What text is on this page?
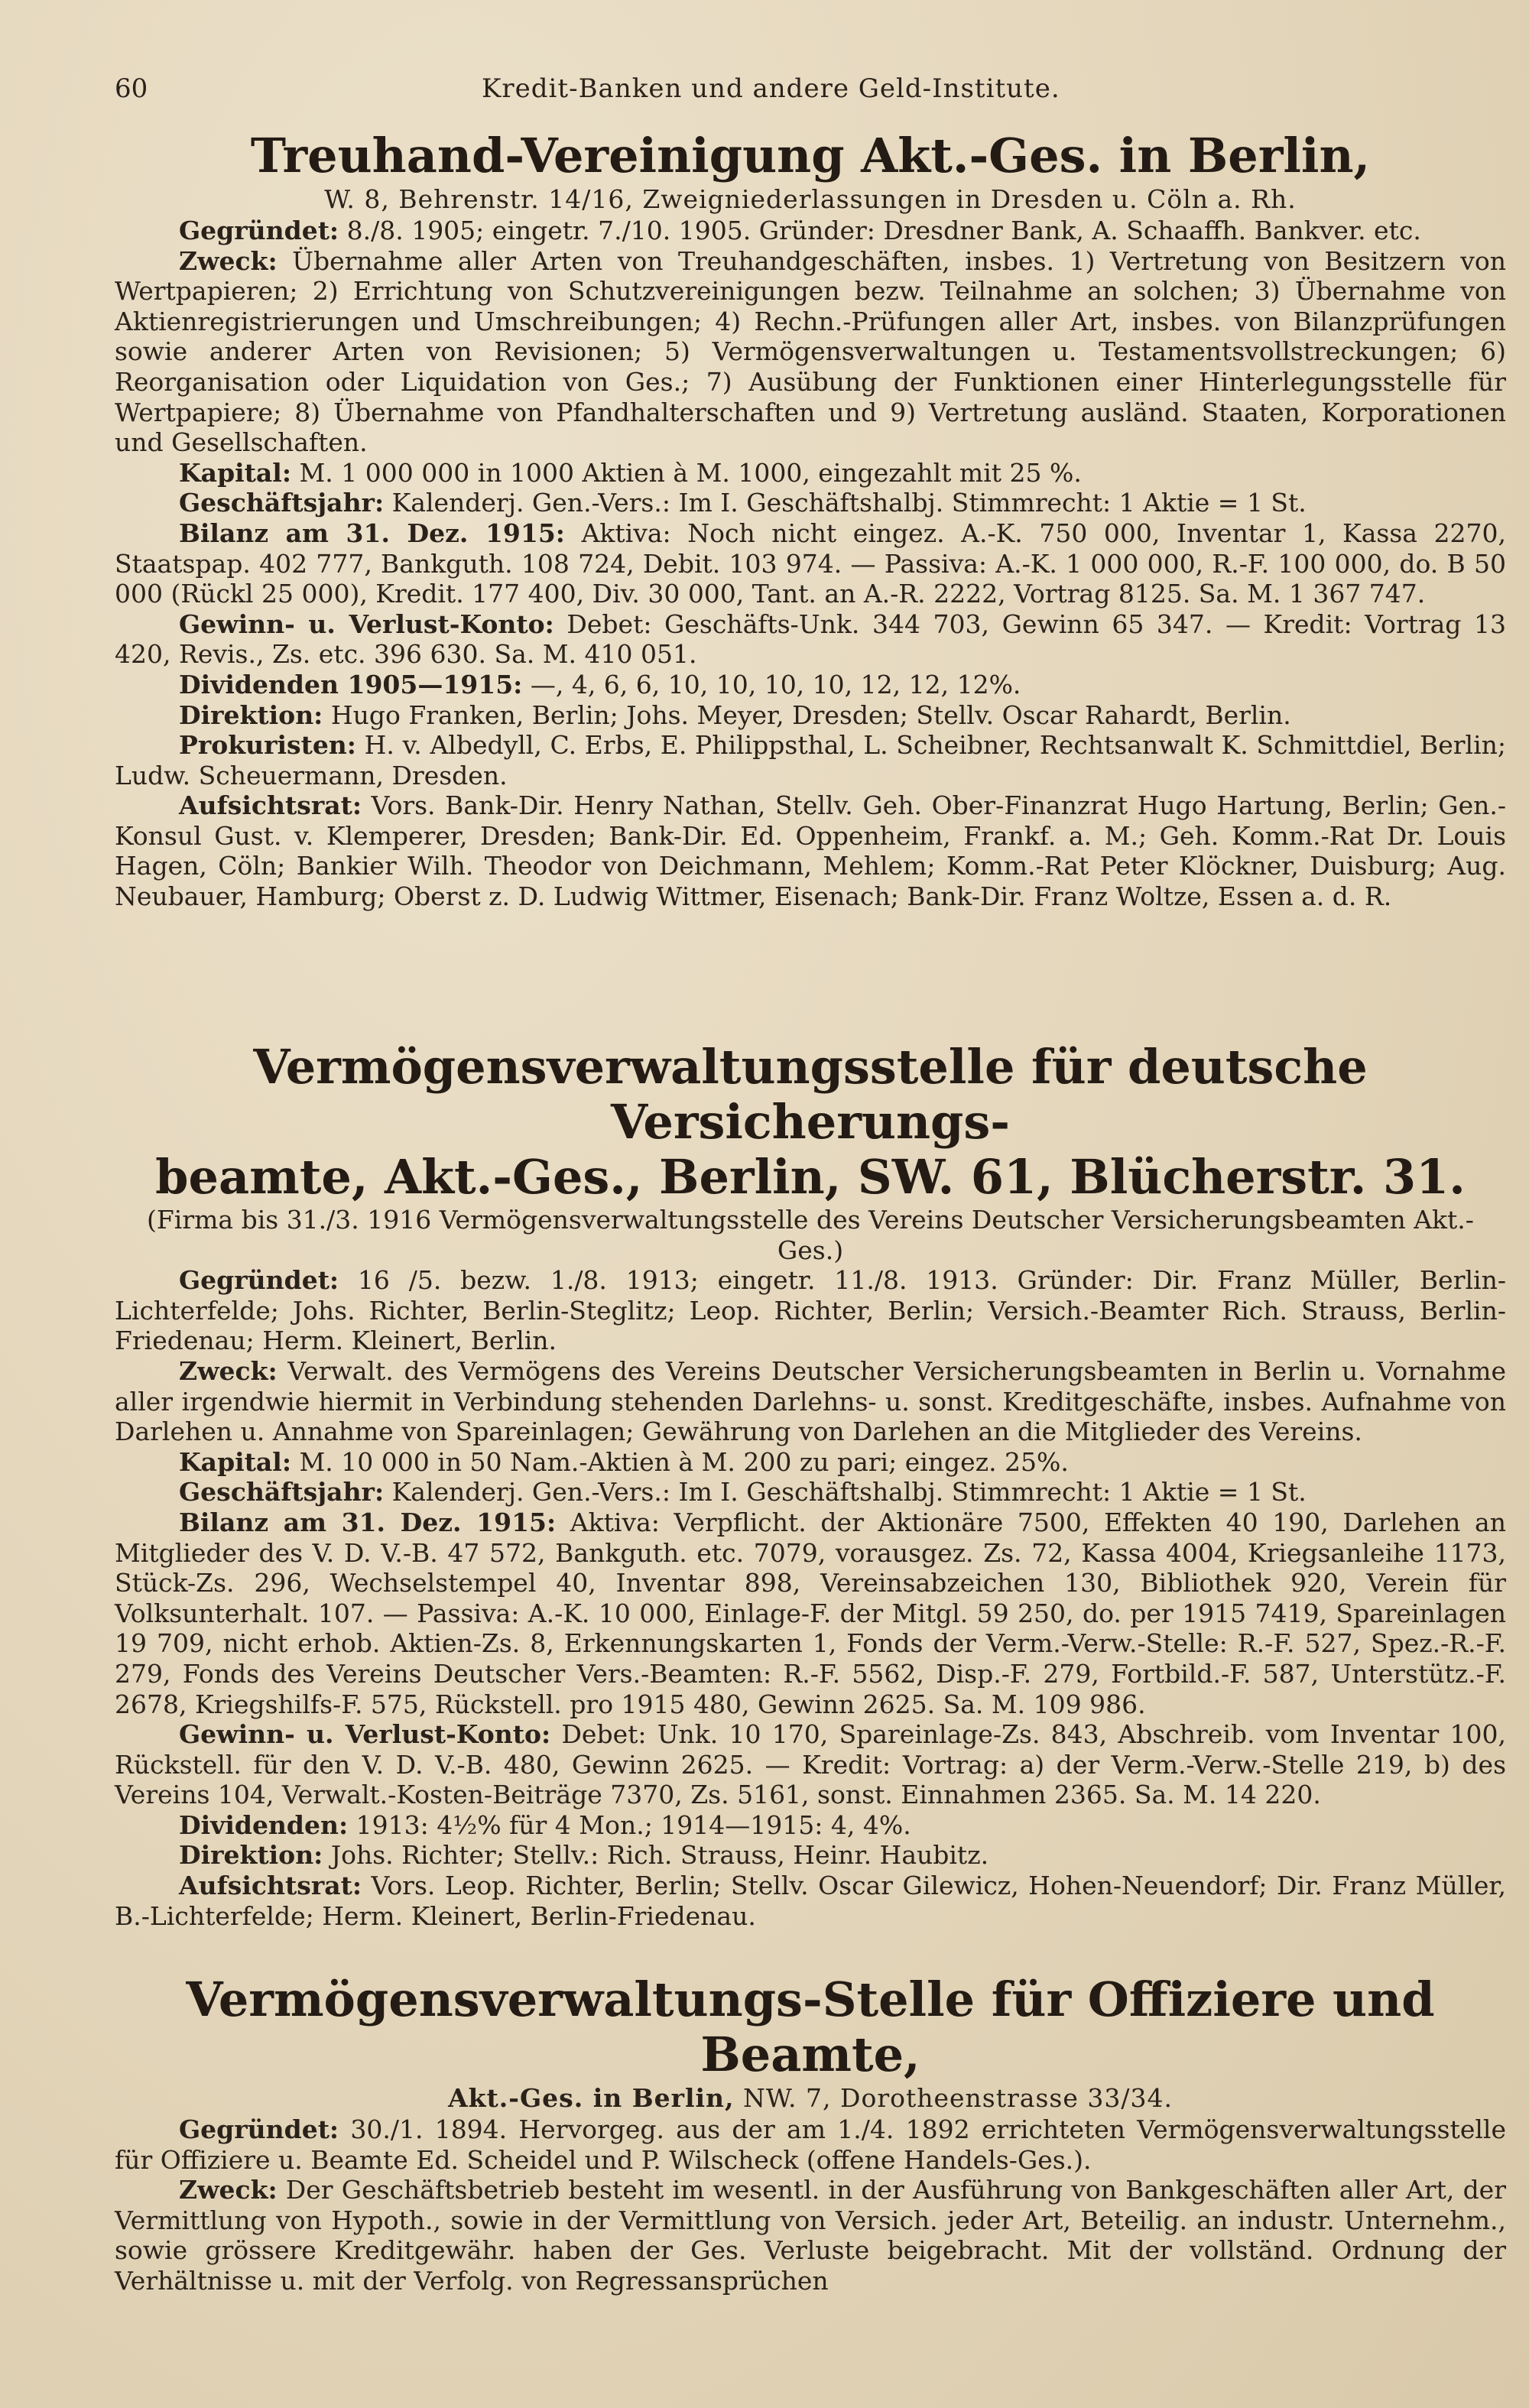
60	Kredit-Banken und andere Geld-Institute.
Treuhand-Vereinigung Akt.-Ges. in Berlin,
W. 8, Behrenstr. 14/16, Zweigniederlassungen in Dresden u. Cöln a. Rh.

Gegründet: 8./8. 1905; eingetr. 7./10. 1905. Gründer: Dresdner Bank, A. Schaaffh. Bankver. etc.

Zweck: Übernahme aller Arten von Treuhandgeschäften, insbes. 1) Vertretung von Besitzern von Wertpapieren; 2) Errichtung von Schutzvereinigungen bezw. Teilnahme an solchen; 3) Übernahme von Aktienregistrierungen und Umschreibungen; 4) Rechn.-Prüfungen aller Art, insbes. von Bilanzprüfungen sowie anderer Arten von Revisionen; 5) Vermögensverwaltungen u. Testamentsvollstreckungen; 6) Reorganisation oder Liquidation von Ges.; 7) Ausübung der Funktionen einer Hinterlegungsstelle für Wertpapiere; 8) Übernahme von Pfandhalterschaften und 9) Vertretung ausländ. Staaten, Korporationen und Gesellschaften.

Kapital: M. 1 000 000 in 1000 Aktien à M. 1000, eingezahlt mit 25 %.

Geschäftsjahr: Kalenderj. Gen.-Vers.: Im I. Geschäftshalbj. Stimmrecht: 1 Aktie = 1 St.

Bilanz am 31. Dez. 1915: Aktiva: Noch nicht eingez. A.-K. 750 000, Inventar 1, Kassa 2270, Staatspap. 402 777, Bankguth. 108 724, Debit. 103 974. — Passiva: A.-K. 1 000 000, R.-F. 100 000, do. B 50 000 (Rückl 25 000), Kredit. 177 400, Div. 30 000, Tant. an A.-R. 2222, Vortrag 8125. Sa. M. 1 367 747.

Gewinn- u. Verlust-Konto: Debet: Geschäfts-Unk. 344 703, Gewinn 65 347. — Kredit: Vortrag 13 420, Revis., Zs. etc. 396 630. Sa. M. 410 051.

Dividenden 1905—1915: —, 4, 6, 6, 10, 10, 10, 10, 12, 12, 12%.

Direktion: Hugo Franken, Berlin; Johs. Meyer, Dresden; Stellv. Oscar Rahardt, Berlin.

Prokuristen: H. v. Albedyll, C. Erbs, E. Philippsthal, L. Scheibner, Rechtsanwalt K. Schmittdiel, Berlin; Ludw. Scheuermann, Dresden.

Aufsichtsrat: Vors. Bank-Dir. Henry Nathan, Stellv. Geh. Ober-Finanzrat Hugo Hartung, Berlin; Gen.-Konsul Gust. v. Klemperer, Dresden; Bank-Dir. Ed. Oppenheim, Frankf. a. M.; Geh. Komm.-Rat Dr. Louis Hagen, Cöln; Bankier Wilh. Theodor von Deichmann, Mehlem; Komm.-Rat Peter Klöckner, Duisburg; Aug. Neubauer, Hamburg; Oberst z. D. Ludwig Wittmer, Eisenach; Bank-Dir. Franz Woltze, Essen a. d. R.

Vermögensverwaltungsstelle für deutsche Versicherungs-
beamte, Akt.-Ges., Berlin, SW. 61, Blücherstr. 31.

(Firma bis 31./3. 1916 Vermögensverwaltungsstelle des Vereins Deutscher Versicherungsbeamten Akt.-Ges.)

Gegründet: 16 /5. bezw. 1./8. 1913; eingetr. 11./8. 1913. Gründer: Dir. Franz Müller, Berlin-Lichterfelde; Johs. Richter, Berlin-Steglitz; Leop. Richter, Berlin; Versich.-Beamter Rich. Strauss, Berlin-Friedenau; Herm. Kleinert, Berlin.

Zweck: Verwalt. des Vermögens des Vereins Deutscher Versicherungsbeamten in Berlin u. Vornahme aller irgendwie hiermit in Verbindung stehenden Darlehns- u. sonst. Kreditgeschäfte, insbes. Aufnahme von Darlehen u. Annahme von Spareinlagen; Gewährung von Darlehen an die Mitglieder des Vereins.

Kapital: M. 10 000 in 50 Nam.-Aktien à M. 200 zu pari; eingez. 25%.

Geschäftsjahr: Kalenderj. Gen.-Vers.: Im I. Geschäftshalbj. Stimmrecht: 1 Aktie = 1 St.

Bilanz am 31. Dez. 1915: Aktiva: Verpflicht. der Aktionäre 7500, Effekten 40 190, Darlehen an Mitglieder des V. D. V.-B. 47 572, Bankguth. etc. 7079, vorausgez. Zs. 72, Kassa 4004, Kriegsanleihe 1173, Stück-Zs. 296, Wechselstempel 40, Inventar 898, Vereinsabzeichen 130, Bibliothek 920, Verein für Volksunterhalt. 107. — Passiva: A.-K. 10 000, Einlage-F. der Mitgl. 59 250, do. per 1915 7419, Spareinlagen 19 709, nicht erhob. Aktien-Zs. 8, Erkennungskarten 1, Fonds der Verm.-Verw.-Stelle: R.-F. 527, Spez.-R.-F. 279, Fonds des Vereins Deutscher Vers.-Beamten: R.-F. 5562, Disp.-F. 279, Fortbild.-F. 587, Unterstütz.-F. 2678, Kriegshilfs-F. 575, Rückstell. pro 1915 480, Gewinn 2625. Sa. M. 109 986.

Gewinn- u. Verlust-Konto: Debet: Unk. 10 170, Spareinlage-Zs. 843, Abschreib. vom Inventar 100, Rückstell. für den V. D. V.-B. 480, Gewinn 2625. — Kredit: Vortrag: a) der Verm.-Verw.-Stelle 219, b) des Vereins 104, Verwalt.-Kosten-Beiträge 7370, Zs. 5161, sonst. Einnahmen 2365. Sa. M. 14 220.

Dividenden: 1913: 4½% für 4 Mon.; 1914—1915: 4, 4%.

Direktion: Johs. Richter; Stellv.: Rich. Strauss, Heinr. Haubitz.

Aufsichtsrat: Vors. Leop. Richter, Berlin; Stellv. Oscar Gilewicz, Hohen-Neuendorf; Dir. Franz Müller, B.-Lichterfelde; Herm. Kleinert, Berlin-Friedenau.

Vermögensverwaltungs-Stelle für Offiziere und Beamte,
Akt.-Ges. in Berlin, NW. 7, Dorotheenstrasse 33/34.

Gegründet: 30./1. 1894. Hervorgeg. aus der am 1./4. 1892 errichteten Vermögensverwaltungsstelle für Offiziere u. Beamte Ed. Scheidel und P. Wilscheck (offene Handels-Ges.).

Zweck: Der Geschäftsbetrieb besteht im wesentl. in der Ausführung von Bankgeschäften aller Art, der Vermittlung von Hypoth., sowie in der Vermittlung von Versich. jeder Art, Beteilig. an industr. Unternehm., sowie grössere Kreditgewähr. haben der Ges. Verluste beigebracht. Mit der vollständ. Ordnung der Verhältnisse u. mit der Verfolg. von Regressansprüchen
